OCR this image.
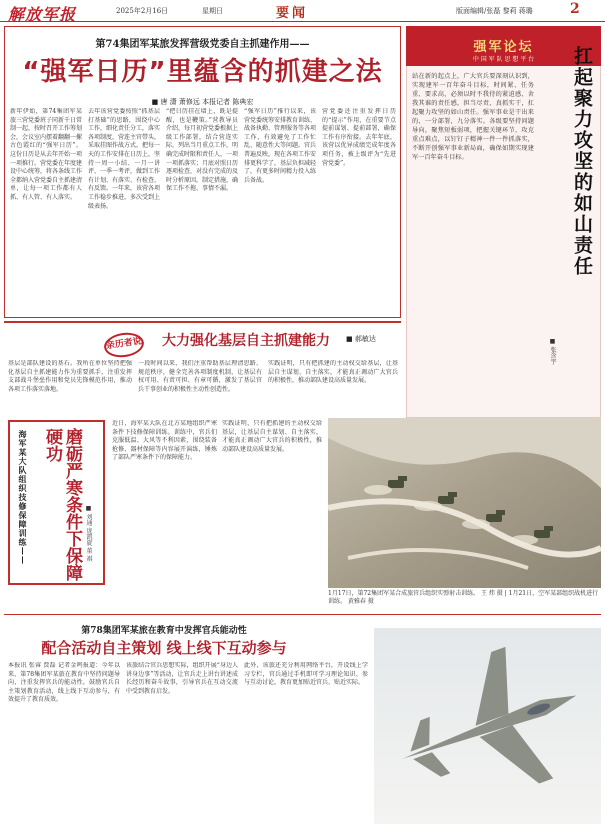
解放军报	2025年2月16日	星期日	要闻	版面编辑/张磊 黎莉 蒋璐	2
第74集团军某旅发挥营级党委自主抓建作用——
“强军日历”里蕴含的抓建之法
■ 唐 潇 萧修远 本报记者 陈典宏
新年伊始，第74集团军某旅三营党委班子同新千日常制一起，按时召开工作筹划会，会议室内摆着翻翻一摞古色霞红的“强军日历”。这份日历是从去年开始一项一项推行。营党委在年度建设中心统筹，将各条线工作全都纳入营党委自主抓建清单，让每一项工作都有人抓、有人管、有人落实。
去年该营党委按照“抓基层打基础”的思路，围绕中心工作，细化责任分工，落实各项制度，营连主官带头，采取挂图作战方式，把每一天的工作安排在日历上，坚持一周一小结、一月一讲评、一季一考评，做到工作有计划、有落实、有检查、有反馈。一年来，该营各项工作稳步推进，多次受到上级表扬。
“把日历挂在墙上，既是提醒，也是鞭策。”营教导员介绍，每月初营党委根据上级工作部署，结合营连实际，列出当月重点工作，明确完成时限和责任人，一项一项抓落实；月底对照日历逐项检查，对没有完成的及时分析原因，制定措施，确保工作不拖、事情不漏。
“强军日历”推行以来，该营党委统筹安排教育训练、战备执勤、管理服务等各项工作，有效避免了工作忙乱、随意性大等问题。官兵普遍反映，现在各项工作安排更科学了，基层负担减轻了，有更多时间精力投入练兵备战。
营党委还注重发挥日历的“提示”作用，在重要节点提前谋划、提前部署，确保工作有序衔接。去年年底，该营以优异成绩完成年度各项任务，被上级评为“先进营党委”。
强军论坛
中 国 军 队 思 想 平 台	扛起聚力攻坚的如山责任
■ 张含宇
站在新的起点上，广大官兵要深刻认识到，实现建军一百年奋斗目标，时间紧、任务重、要求高，必须以时不我待的紧迫感、舍我其谁的责任感，担当尽责、真抓实干，扛起聚力攻坚的如山责任。强军事业是干出来的，一分部署，九分落实。各级要坚持问题导向，聚焦短板弱项，把握关键环节，攻克重点难点，以钉钉子精神一件一件抓落实，不断开创强军事业新局面，确保如期实现建军一百年奋斗目标。
亲历者说 大力强化基层自主抓建能力 ■ 郝敏达
基层是部队建设的基石。我所在单位坚持把强化基层自主抓建能力作为重要抓手，注重发挥支部战斗堡垒作用和党员先锋模范作用，推动各项工作落实落地。
一段时间以来，我们注重帮助基层理清思路、规范秩序，健全完善各项制度机制，让基层有权可用、有责可担、有章可循，激发了基层官兵干事创业的积极性主动性创造性。
实践证明，只有把抓建的主动权交给基层，让基层自主谋划、自主落实，才能真正调动广大官兵的积极性，推动部队建设高质量发展。
1月17日，第72集团军某合成旅官兵组织实弹射击训练。 王 炜 摄 | 1月21日，空军某部组织战机进行训练。 黄雅春 摄
海军某大队组织技修保障训练——	磨砺严寒条件下保障硬功
■ 刘通 庞凯旋 董 祺
近日，海军某大队在北方某地组织严寒条件下技修保障训练。训练中，官兵们克服低温、大风等不利因素，围绕装备抢修、器材保障等内容展开演练，锤炼了部队严寒条件下的保障能力。
实践证明，只有把抓建的主动权交给基层，让基层自主谋划、自主落实，才能真正调动广大官兵的积极性，推动部队建设高质量发展。
第78集团军某旅在教育中发挥官兵能动性
配合活动自主策划 线上线下互动参与
本报讯 张睿 贾磊 记者金鸣报道：今年以来，第78集团军某旅在教育中坚持问题导向，注重发挥官兵的能动性，鼓励官兵自主策划教育活动，线上线下互动参与，有效提升了教育质效。
该旅结合官兵思想实际，组织开展“身边人讲身边事”等活动，让官兵走上讲台讲述成长经历和奋斗故事，引导官兵在互动交流中受到教育启发。
此外，该旅还充分利用网络平台，开设线上学习专栏，官兵通过手机即可学习理论知识、参与互动讨论，教育更加贴近官兵、贴近实际。
